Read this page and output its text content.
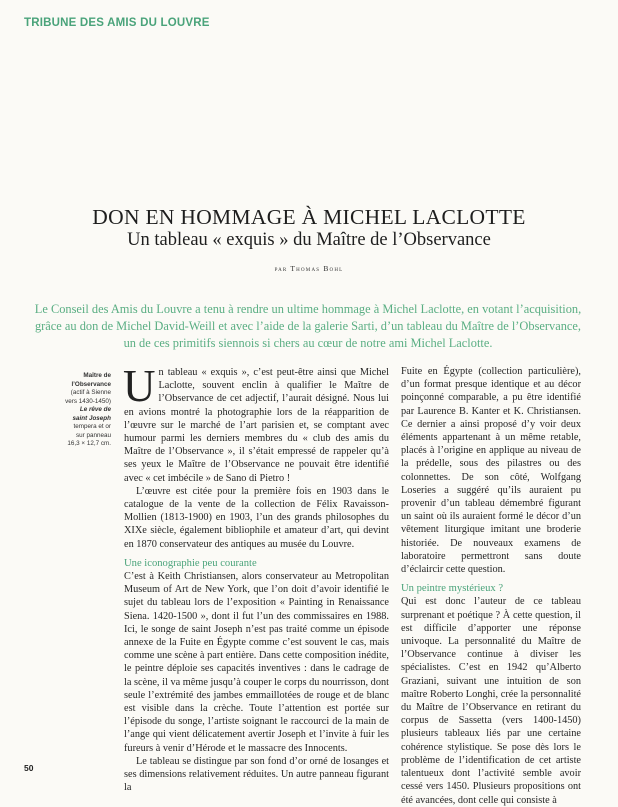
TRIBUNE DES AMIS DU LOUVRE
DON EN HOMMAGE À MICHEL LACLOTTE
Un tableau « exquis » du Maître de l’Observance
par Thomas Bohl
Le Conseil des Amis du Louvre a tenu à rendre un ultime hommage à Michel Laclotte, en votant l’acquisition, grâce au don de Michel David-Weill et avec l’aide de la galerie Sarti, d’un tableau du Maître de l’Observance, un de ces primitifs siennois si chers au cœur de notre ami Michel Laclotte.
Maître de
l’Observance
(actif à Sienne
vers 1430-1450)
Le rêve de
saint Joseph
tempera et or
sur panneau
16,3 × 12,7 cm.

Un tableau « exquis », c’est peut-être ainsi que Michel Laclotte, souvent enclin à qualifier le Maître de l’Observance de cet adjectif, l’aurait désigné. Nous lui en avions montré la photographie lors de la réapparition de l’œuvre sur le marché de l’art parisien et, se comptant avec humour parmi les derniers membres du « club des amis du Maître de l’Observance », il s’était empressé de rappeler qu’à ses yeux le Maître de l’Observance ne pouvait être identifié avec « cet imbécile » de Sano di Pietro !

L’œuvre est citée pour la première fois en 1903 dans le catalogue de la vente de la collection de Félix Ravaisson-Mollien (1813-1900) en 1903, l’un des grands philosophes du XIXe siècle, également bibliophile et amateur d’art, qui devint en 1870 conservateur des antiques au musée du Louvre.

Une iconographie peu courante

C’est à Keith Christiansen, alors conservateur au Metropolitan Museum of Art de New York, que l’on doit d’avoir identifié le sujet du tableau lors de l’exposition « Painting in Renaissance Siena. 1420-1500 », dont il fut l’un des commissaires en 1988. Ici, le songe de saint Joseph n’est pas traité comme un épisode annexe de la Fuite en Égypte comme c’est souvent le cas, mais comme une scène à part entière. Dans cette composition inédite, le peintre déploie ses capacités inventives : dans le cadrage de la scène, il va même jusqu’à couper le corps du nourrisson, dont seule l’extrémité des jambes emmaillotées de rouge et de blanc est visible dans la crèche. Toute l’attention est portée sur l’épisode du songe, l’artiste soignant le raccourci de la main de l’ange qui vient délicatement avertir Joseph et l’invite à fuir les fureurs à venir d’Hérode et le massacre des Innocents.

Le tableau se distingue par son fond d’or orné de losanges et ses dimensions relativement réduites. Un autre panneau figurant la

Fuite en Égypte (collection particulière), d’un format presque identique et au décor poinçonné comparable, a pu être identifié par Laurence B. Kanter et K. Christiansen. Ce dernier a ainsi proposé d’y voir deux éléments appartenant à un même retable, placés à l’origine en applique au niveau de la prédelle, sous des pilastres ou des colonnettes. De son côté, Wolfgang Loseries a suggéré qu’ils auraient pu provenir d’un tableau démembré figurant un saint où ils auraient formé le décor d’un vêtement liturgique imitant une broderie historiée. De nouveaux examens de laboratoire permettront sans doute d’éclaircir cette question.

Un peintre mystérieux ?

Qui est donc l’auteur de ce tableau surprenant et poétique ? À cette question, il est difficile d’apporter une réponse univoque. La personnalité du Maître de l’Observance continue à diviser les spécialistes. C’est en 1942 qu’Alberto Graziani, suivant une intuition de son maître Roberto Longhi, crée la personnalité du Maître de l’Observance en retirant du corpus de Sassetta (vers 1400-1450) plusieurs tableaux liés par une certaine cohérence stylistique. Se pose dès lors le problème de l’identification de cet artiste talentueux dont l’activité semble avoir cessé vers 1450. Plusieurs propositions ont été avancées, dont celle qui consiste à

50
